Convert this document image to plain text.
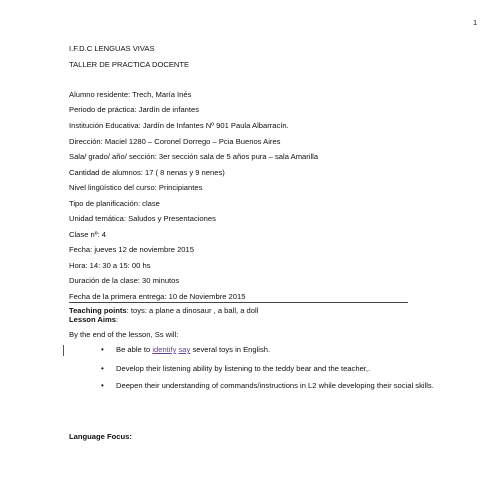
1
I.F.D.C LENGUAS VIVAS
TALLER DE PRACTICA DOCENTE
Alumno residente: Trech, María Inés
Periodo de práctica: Jardín de infantes
Institución Educativa: Jardín de Infantes Nº 901 Paula Albarracín.
Dirección: Maciel 1280 – Coronel Dorrego – Pcia Buenos Aires
Sala/ grado/ año/ sección: 3er sección sala de 5 años pura – sala Amarilla
Cantidad de alumnos: 17 ( 8 nenas y 9 nenes)
Nivel lingüístico del curso: Principiantes
Tipo de planificación: clase
Unidad temática: Saludos y Presentaciones
Clase nº: 4
Fecha: jueves 12 de noviembre 2015
Hora: 14: 30 a 15: 00 hs
Duración de la clase: 30 minutos
Fecha de la primera entrega: 10 de Noviembre 2015
Teaching points: toys: a plane a dinosaur , a ball, a doll
Lesson Aims:
By the end of the lesson, Ss will:
• Be able to identify say several toys in English.
• Develop their listening ability by listening to the teddy bear and the teacher,.
• Deepen their understanding of commands/instructions in L2 while developing their social skills.
Language Focus:
